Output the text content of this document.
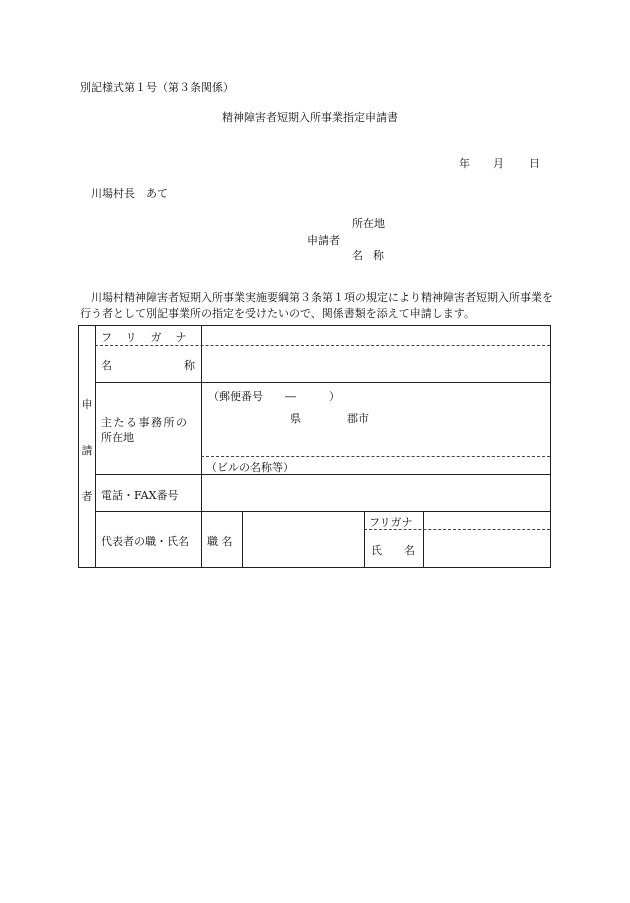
別記様式第１号（第３条関係）
精神障害者短期入所事業指定申請書
年 月 日
川場村長　あて
所在地
申請者
名称
川場村精神障害者短期入所事業実施要綱第３条第１項の規定により精神障害者短期入所事業を行う者として別記事業所の指定を受けたいので、関係書類を添えて申請します。
申
請
者
フリガナ
名	称
主たる事務所の
所在地
（郵便番号　　―　　　）
県	郡市
（ビルの名称等）
電話・FAX番号
代表者の職・氏名 職 名
フリガナ
氏　　名
